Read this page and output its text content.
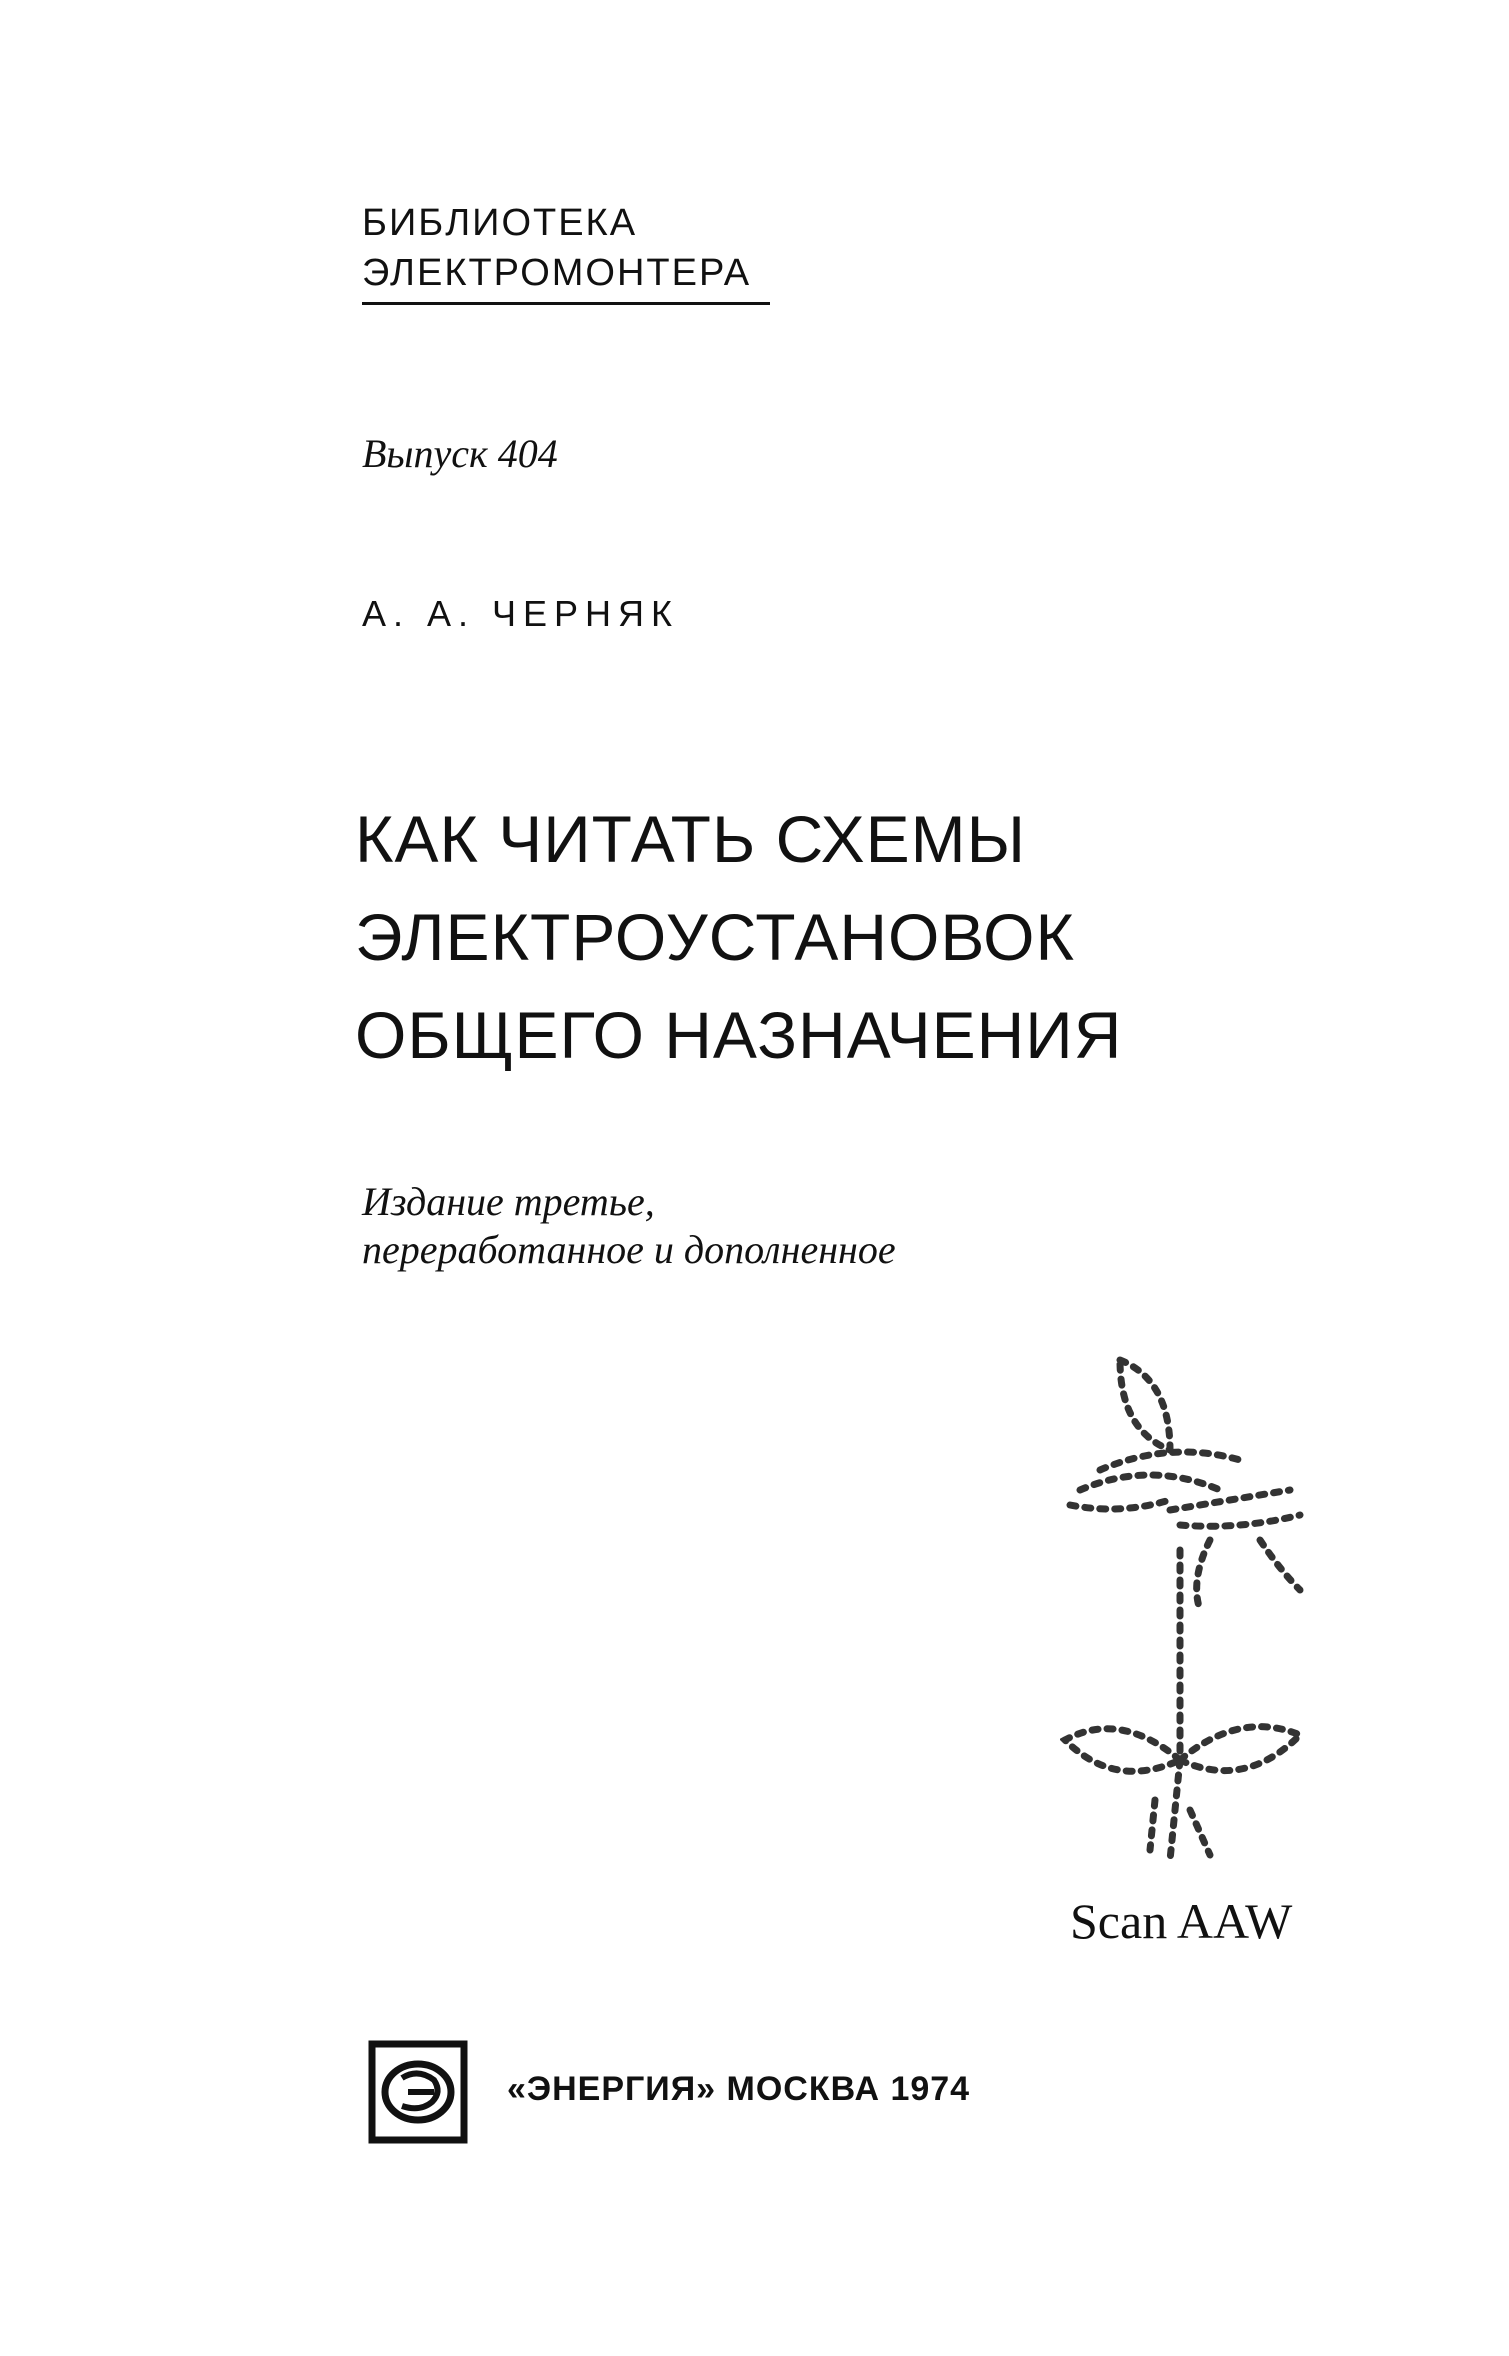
БИБЛИОТЕКА
ЭЛЕКТРОМОНТЕРА
Выпуск 404
А. А. ЧЕРНЯК
КАК ЧИТАТЬ СХЕМЫ
ЭЛЕКТРОУСТАНОВОК
ОБЩЕГО НАЗНАЧЕНИЯ
Издание третье,
переработанное и дополненное
Scan AAW
«ЭНЕРГИЯ» МОСКВА 1974
